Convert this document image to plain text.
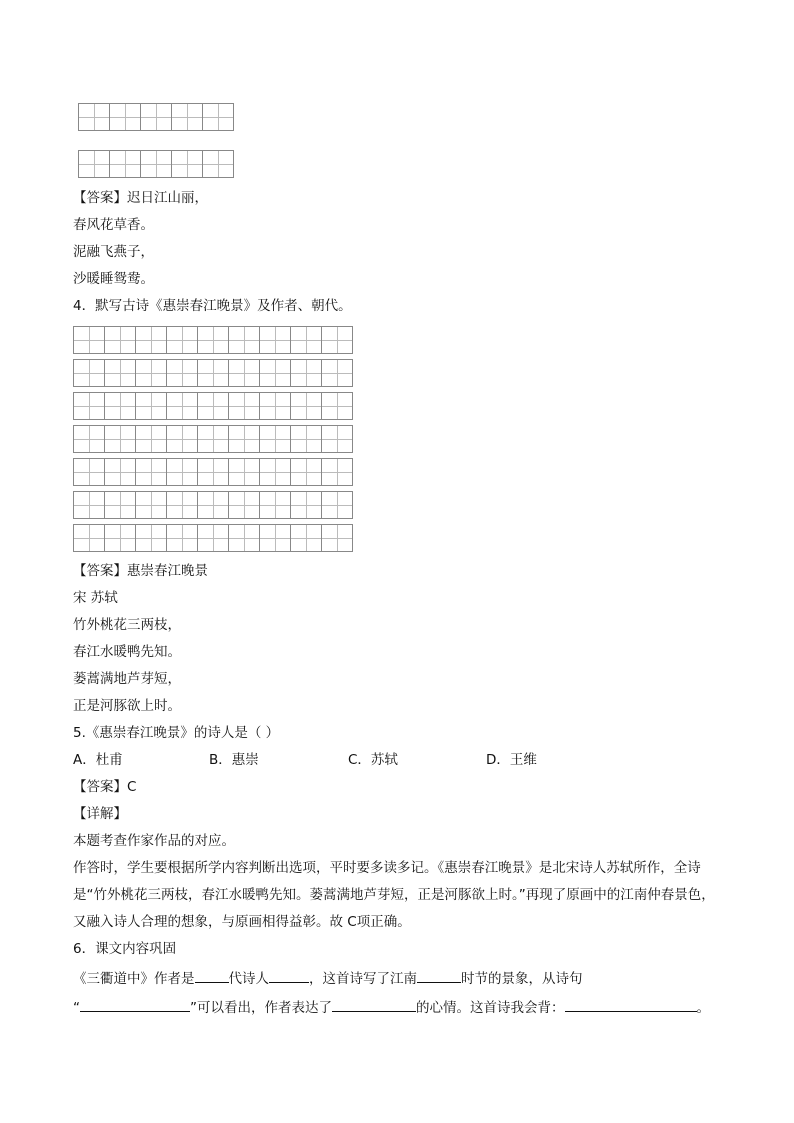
【答案】迟日江山丽，
春风花草香。
泥融飞燕子，
沙暖睡鸳鸯。
4．默写古诗《惠崇春江晚景》及作者、朝代。

【答案】惠崇春江晚景
宋 苏轼
竹外桃花三两枝，
春江水暖鸭先知。
蒌蒿满地芦芽短，
正是河豚欲上时。
5.《惠崇春江晚景》的诗人是（ ）
A．杜甫	B．惠崇	C．苏轼	D．王维
【答案】C
【详解】
本题考查作家作品的对应。
作答时，学生要根据所学内容判断出选项，平时要多读多记。《惠崇春江晚景》是北宋诗人苏轼所作，全诗
是“竹外桃花三两枝，春江水暖鸭先知。蒌蒿满地芦芽短，正是河豚欲上时。”再现了原画中的江南仲春景色，
又融入诗人合理的想象，与原画相得益彰。故 C项正确。
6．课文内容巩固
《三衢道中》作者是	代诗人	，这首诗写了江南	时节的景象，从诗句
“	”可以看出，作者表达了	的心情。这首诗我会背：	。
